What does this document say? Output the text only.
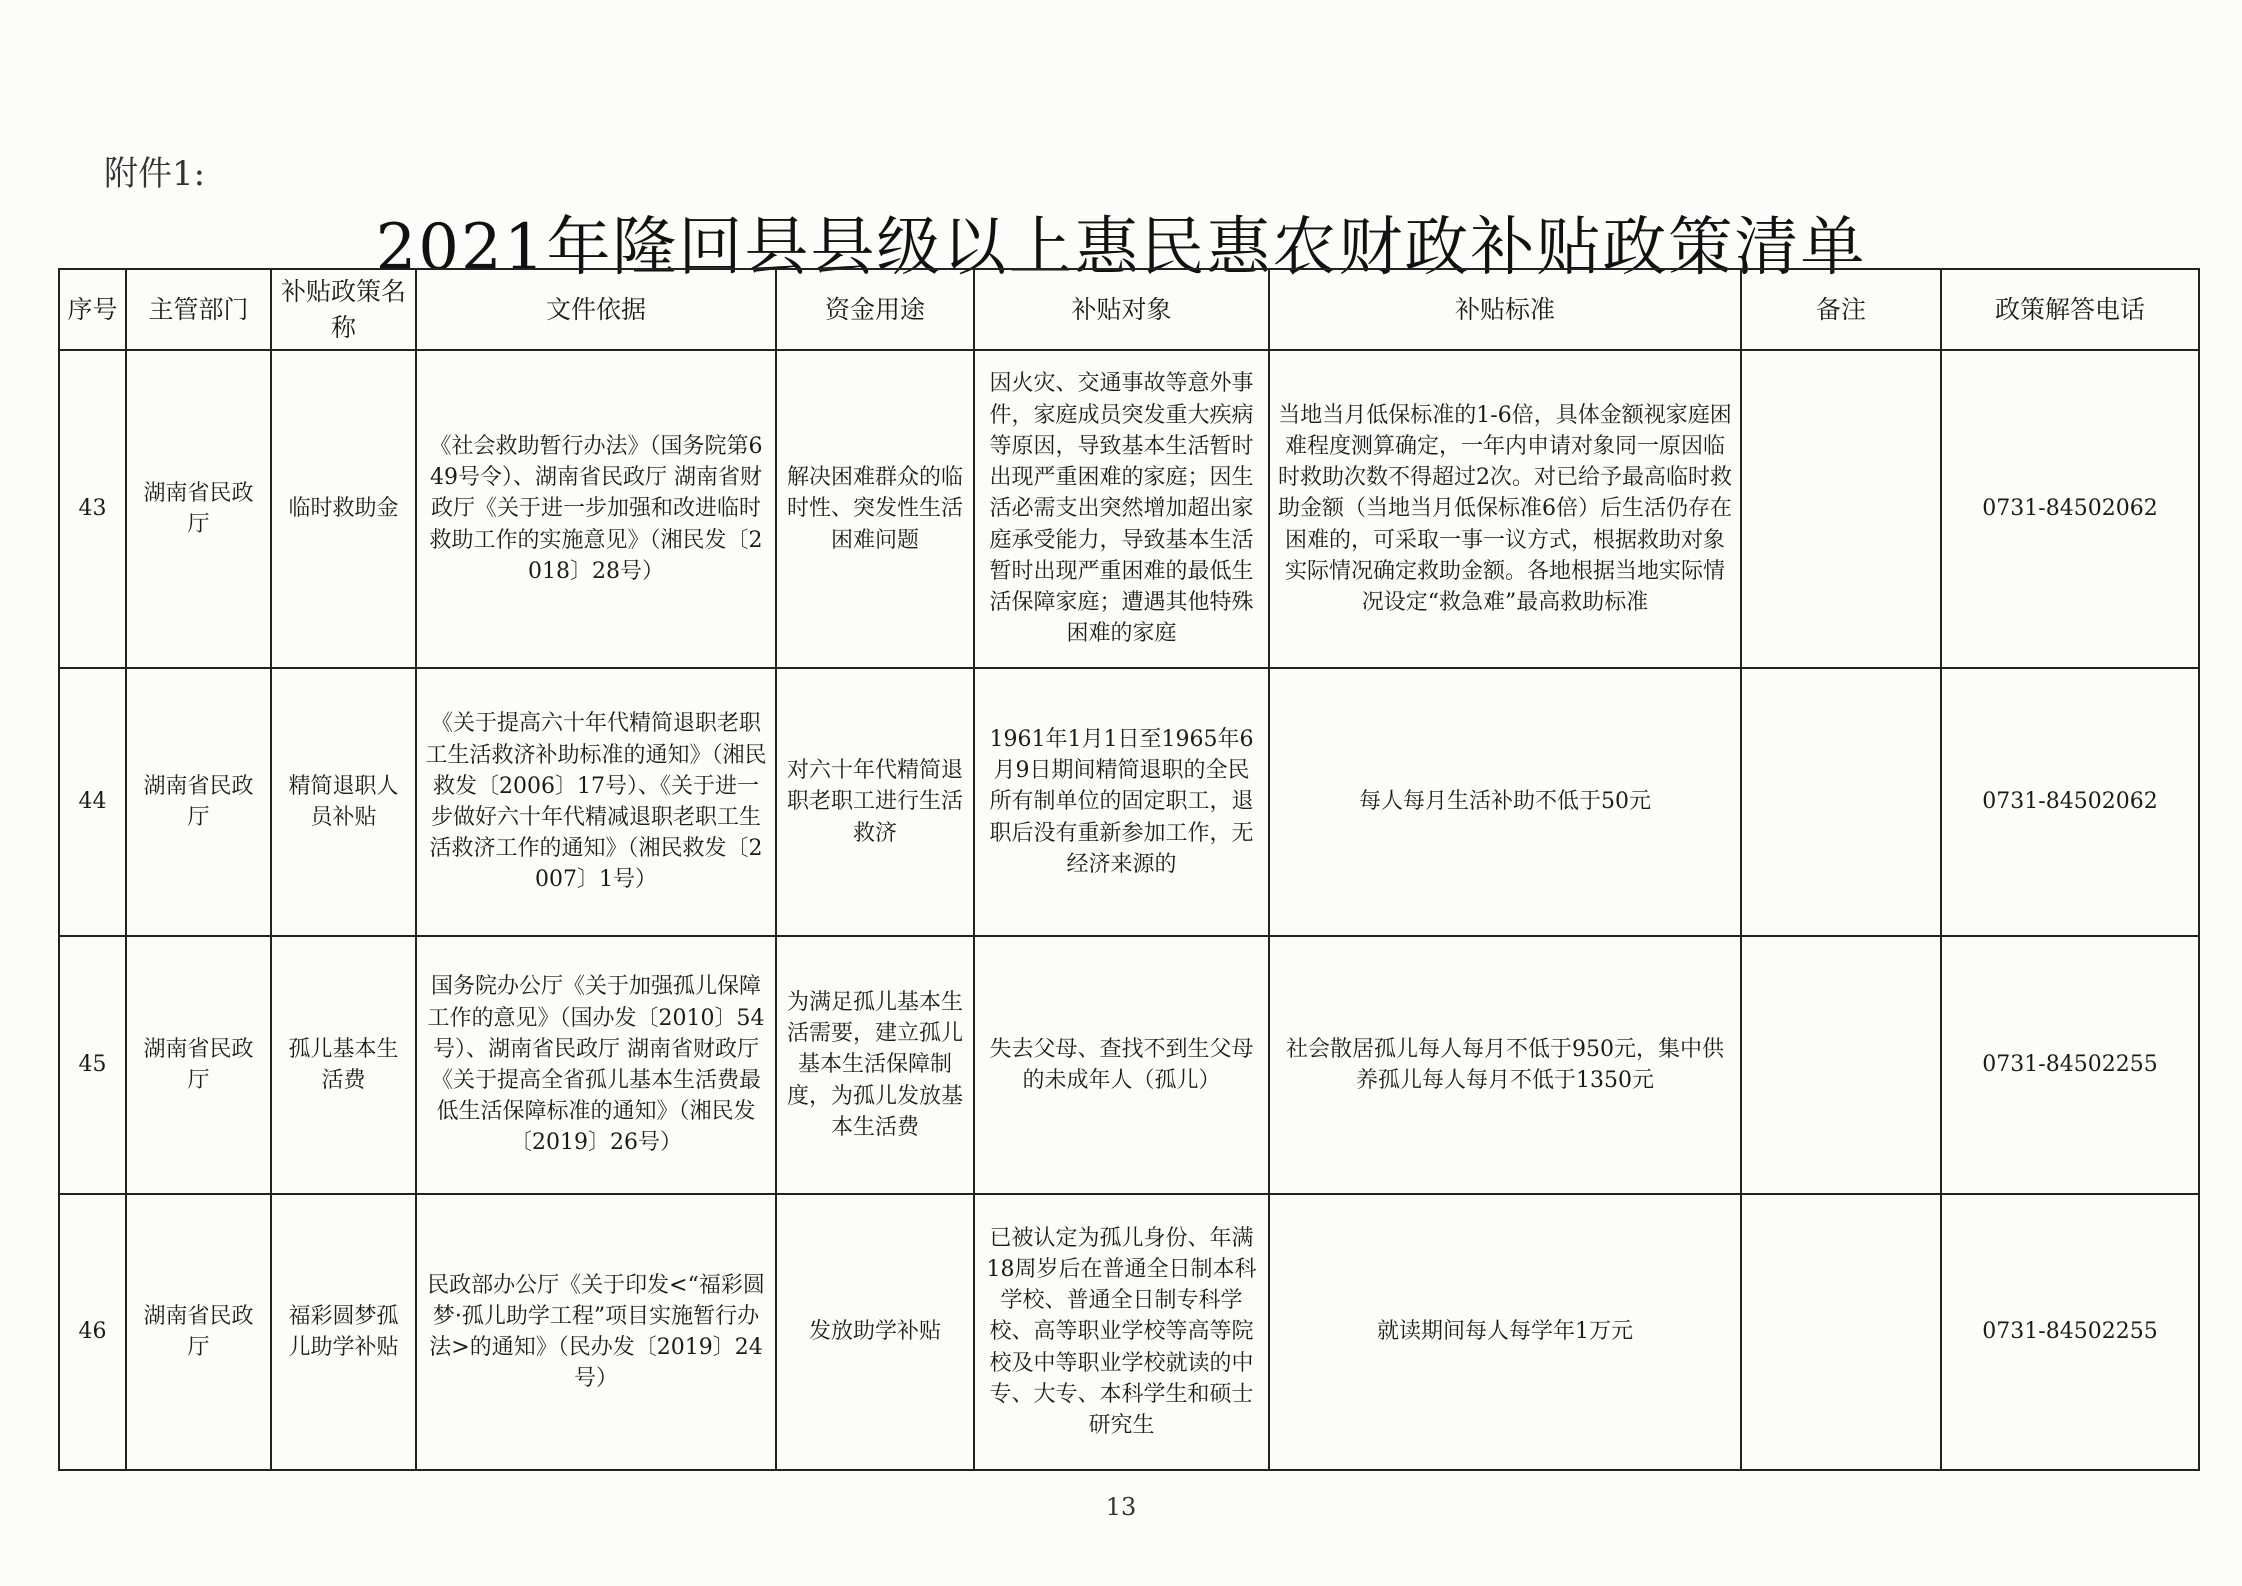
附件1:
2021年隆回县县级以上惠民惠农财政补贴政策清单
序号	主管部门	补贴政策名称	文件依据	资金用途	补贴对象	补贴标准	备注	政策解答电话
43	湖南省民政厅	临时救助金	《社会救助暂行办法》（国务院第649号令）、湖南省民政厅 湖南省财政厅《关于进一步加强和改进临时救助工作的实施意见》（湘民发〔2018〕28号）	解决困难群众的临时性、突发性生活困难问题	因火灾、交通事故等意外事件，家庭成员突发重大疾病等原因，导致基本生活暂时出现严重困难的家庭；因生活必需支出突然增加超出家庭承受能力，导致基本生活暂时出现严重困难的最低生活保障家庭；遭遇其他特殊困难的家庭	当地当月低保标准的1-6倍，具体金额视家庭困难程度测算确定，一年内申请对象同一原因临时救助次数不得超过2次。对已给予最高临时救助金额（当地当月低保标准6倍）后生活仍存在困难的，可采取一事一议方式，根据救助对象实际情况确定救助金额。各地根据当地实际情况设定“救急难”最高救助标准		0731-84502062
44	湖南省民政厅	精简退职人员补贴	《关于提高六十年代精简退职老职工生活救济补助标准的通知》（湘民救发〔2006〕17号）、《关于进一步做好六十年代精减退职老职工生活救济工作的通知》（湘民救发〔2007〕1号）	对六十年代精简退职老职工进行生活救济	1961年1月1日至1965年6月9日期间精简退职的全民所有制单位的固定职工，退职后没有重新参加工作，无经济来源的	每人每月生活补助不低于50元		0731-84502062
45	湖南省民政厅	孤儿基本生活费	国务院办公厅《关于加强孤儿保障工作的意见》（国办发〔2010〕54号）、湖南省民政厅 湖南省财政厅《关于提高全省孤儿基本生活费最低生活保障标准的通知》（湘民发〔2019〕26号）	为满足孤儿基本生活需要，建立孤儿基本生活保障制度，为孤儿发放基本生活费	失去父母、查找不到生父母的未成年人（孤儿）	社会散居孤儿每人每月不低于950元，集中供养孤儿每人每月不低于1350元		0731-84502255
46	湖南省民政厅	福彩圆梦孤儿助学补贴	民政部办公厅《关于印发<“福彩圆梦·孤儿助学工程”项目实施暂行办法>的通知》（民办发〔2019〕24号）	发放助学补贴	已被认定为孤儿身份、年满18周岁后在普通全日制本科学校、普通全日制专科学校、高等职业学校等高等院校及中等职业学校就读的中专、大专、本科学生和硕士研究生	就读期间每人每学年1万元		0731-84502255
13
